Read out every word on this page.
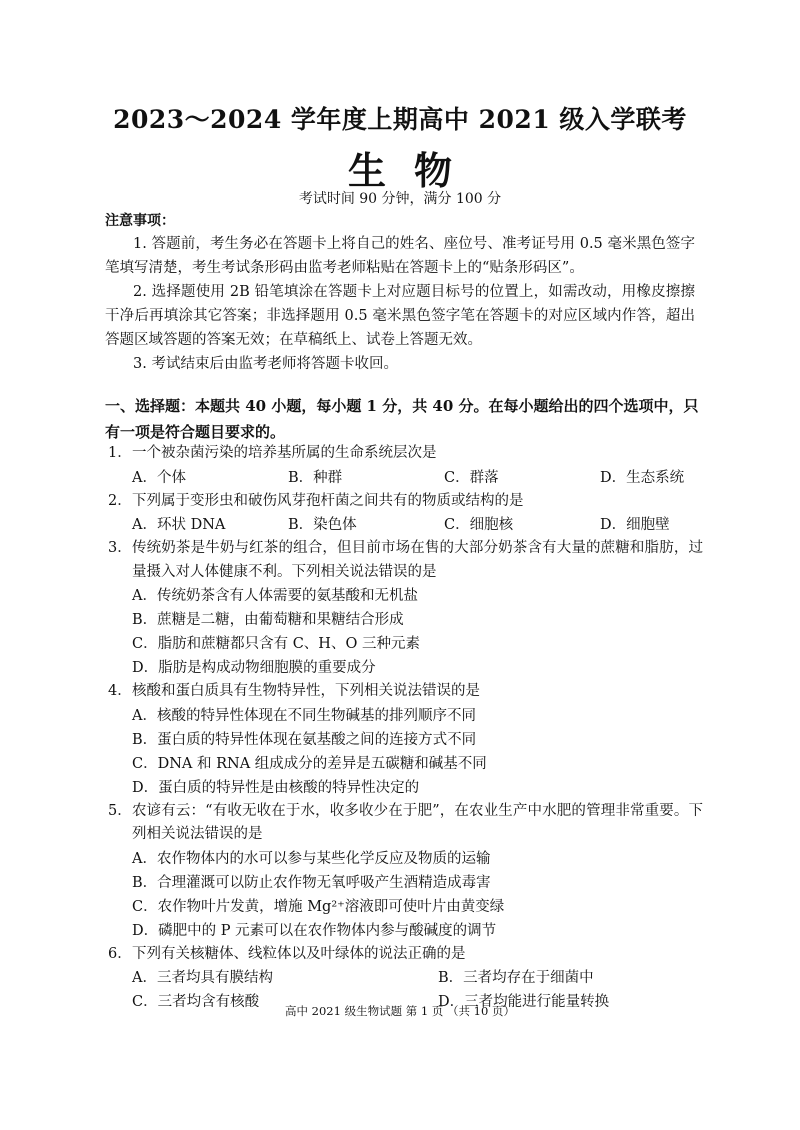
2023～2024 学年度上期高中 2021 级入学联考
生物
考试时间 90 分钟，满分 100 分
注意事项：

1. 答题前，考生务必在答题卡上将自己的姓名、座位号、准考证号用 0.5 毫米黑色签字笔填写清楚，考生考试条形码由监考老师粘贴在答题卡上的“贴条形码区”。

2. 选择题使用 2B 铅笔填涂在答题卡上对应题目标号的位置上，如需改动，用橡皮擦擦干净后再填涂其它答案；非选择题用 0.5 毫米黑色签字笔在答题卡的对应区域内作答，超出答题区域答题的答案无效；在草稿纸上、试卷上答题无效。

3. 考试结束后由监考老师将答题卡收回。

一、选择题：本题共 40 小题，每小题 1 分，共 40 分。在每小题给出的四个选项中，只有一项是符合题目要求的。
1． 一个被杂菌污染的培养基所属的生命系统层次是
A．个体	B．种群	C．群落	D．生态系统
2． 下列属于变形虫和破伤风芽孢杆菌之间共有的物质或结构的是
A．环状 DNA	B．染色体	C．细胞核	D．细胞壁
3． 传统奶茶是牛奶与红茶的组合，但目前市场在售的大部分奶茶含有大量的蔗糖和脂肪，过量摄入对人体健康不利。下列相关说法错误的是
A．传统奶茶含有人体需要的氨基酸和无机盐
B．蔗糖是二糖，由葡萄糖和果糖结合形成
C．脂肪和蔗糖都只含有 C、H、O 三种元素
D．脂肪是构成动物细胞膜的重要成分
4． 核酸和蛋白质具有生物特异性，下列相关说法错误的是
A．核酸的特异性体现在不同生物碱基的排列顺序不同
B．蛋白质的特异性体现在氨基酸之间的连接方式不同
C．DNA 和 RNA 组成成分的差异是五碳糖和碱基不同
D．蛋白质的特异性是由核酸的特异性决定的
5． 农谚有云：“有收无收在于水，收多收少在于肥”，在农业生产中水肥的管理非常重要。下列相关说法错误的是
A．农作物体内的水可以参与某些化学反应及物质的运输
B．合理灌溉可以防止农作物无氧呼吸产生酒精造成毒害
C．农作物叶片发黄，增施 Mg²⁺溶液即可使叶片由黄变绿
D．磷肥中的 P 元素可以在农作物体内参与酸碱度的调节
6． 下列有关核糖体、线粒体以及叶绿体的说法正确的是
A．三者均具有膜结构	B．三者均存在于细菌中
C．三者均含有核酸	D．三者均能进行能量转换
高中 2021 级生物试题 第 1 页 （共 10 页）
